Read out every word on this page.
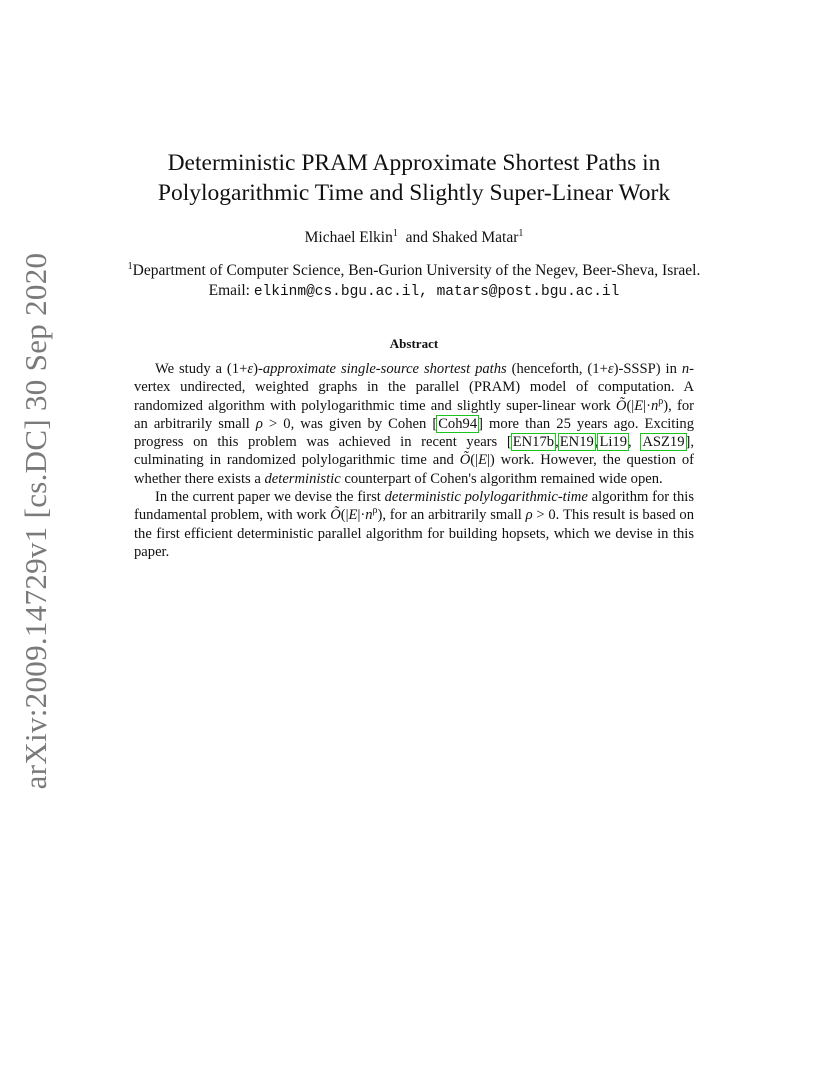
arXiv:2009.14729v1 [cs.DC] 30 Sep 2020
Deterministic PRAM Approximate Shortest Paths in
Polylogarithmic Time and Slightly Super-Linear Work
Michael Elkin$^1$ and Shaked Matar$^1$
$^1$Department of Computer Science, Ben-Gurion University of the Negev, Beer-Sheva, Israel.
Email: elkinm@cs.bgu.ac.il, matars@post.bgu.ac.il
Abstract

We study a (1+ε)-approximate single-source shortest paths (henceforth, (1+ε)-SSSP) in n-vertex undirected, weighted graphs in the parallel (PRAM) model of computation. A randomized algorithm with polylogarithmic time and slightly super-linear work $Õ(|E|\cdot n^\rho)$, for an arbitrarily small ρ > 0, was given by Cohen [Coh94] more than 25 years ago. Exciting progress on this problem was achieved in recent years [EN17b,EN19,Li19, ASZ19], culminating in randomized polylogarithmic time and Õ(|E|) work. However, the question of whether there exists a deterministic counterpart of Cohen's algorithm remained wide open.

In the current paper we devise the first deterministic polylogarithmic-time algorithm for this fundamental problem, with work $Õ(|E|\cdot n^\rho)$, for an arbitrarily small ρ > 0. This result is based on the first efficient deterministic parallel algorithm for building hopsets, which we devise in this paper.
